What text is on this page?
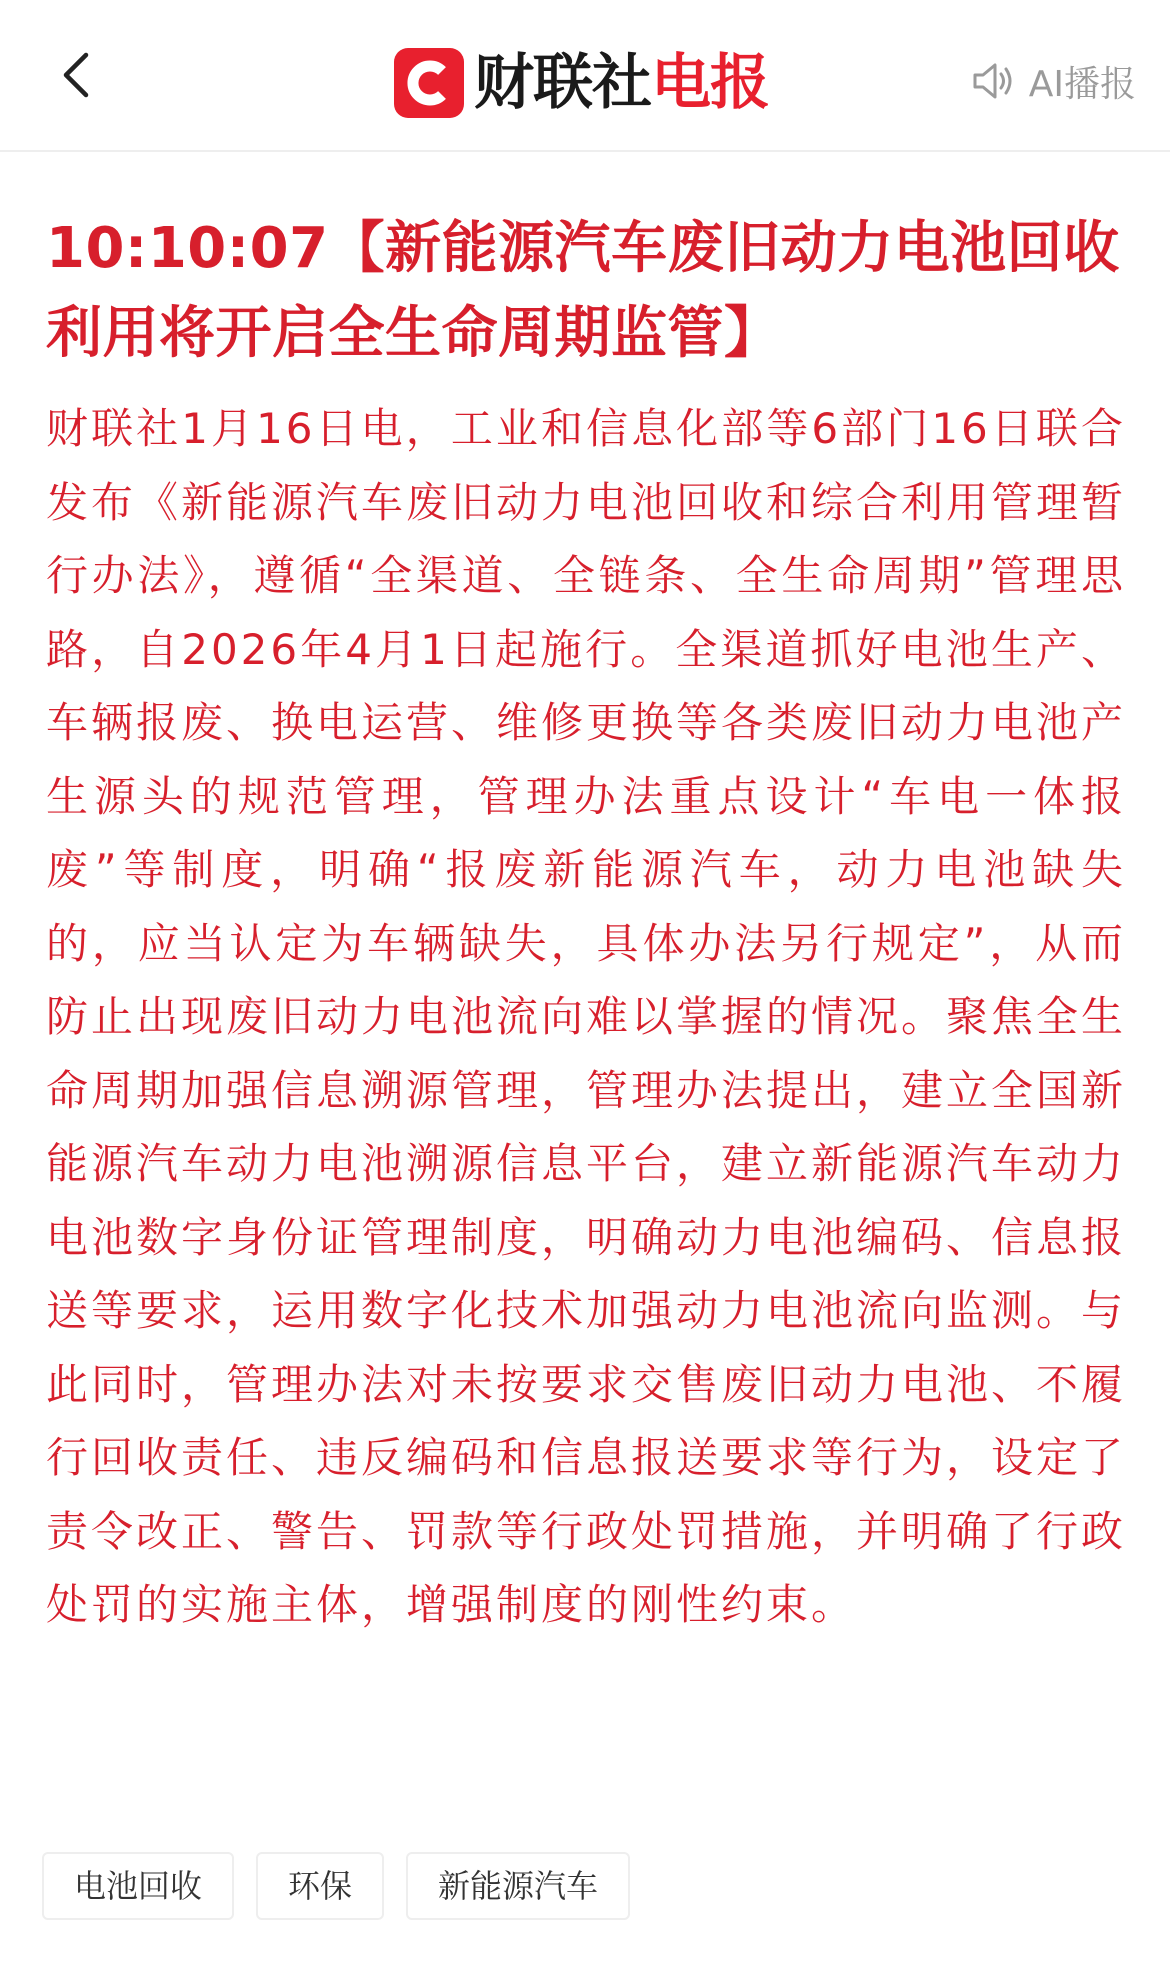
财联社电报	AI播报
10:10:07【新能源汽车废旧动力电池回收利用将开启全生命周期监管】

财联社1月16日电，工业和信息化部等6部门16日联合发布《新能源汽车废旧动力电池回收和综合利用管理暂行办法》，遵循“全渠道、全链条、全生命周期”管理思路，自2026年4月1日起施行。全渠道抓好电池生产、车辆报废、换电运营、维修更换等各类废旧动力电池产生源头的规范管理，管理办法重点设计“车电一体报废”等制度，明确“报废新能源汽车，动力电池缺失的，应当认定为车辆缺失，具体办法另行规定”，从而防止出现废旧动力电池流向难以掌握的情况。聚焦全生命周期加强信息溯源管理，管理办法提出，建立全国新能源汽车动力电池溯源信息平台，建立新能源汽车动力电池数字身份证管理制度，明确动力电池编码、信息报送等要求，运用数字化技术加强动力电池流向监测。与此同时，管理办法对未按要求交售废旧动力电池、不履行回收责任、违反编码和信息报送要求等行为，设定了责令改正、警告、罚款等行政处罚措施，并明确了行政处罚的实施主体，增强制度的刚性约束。

电池回收	环保	新能源汽车
